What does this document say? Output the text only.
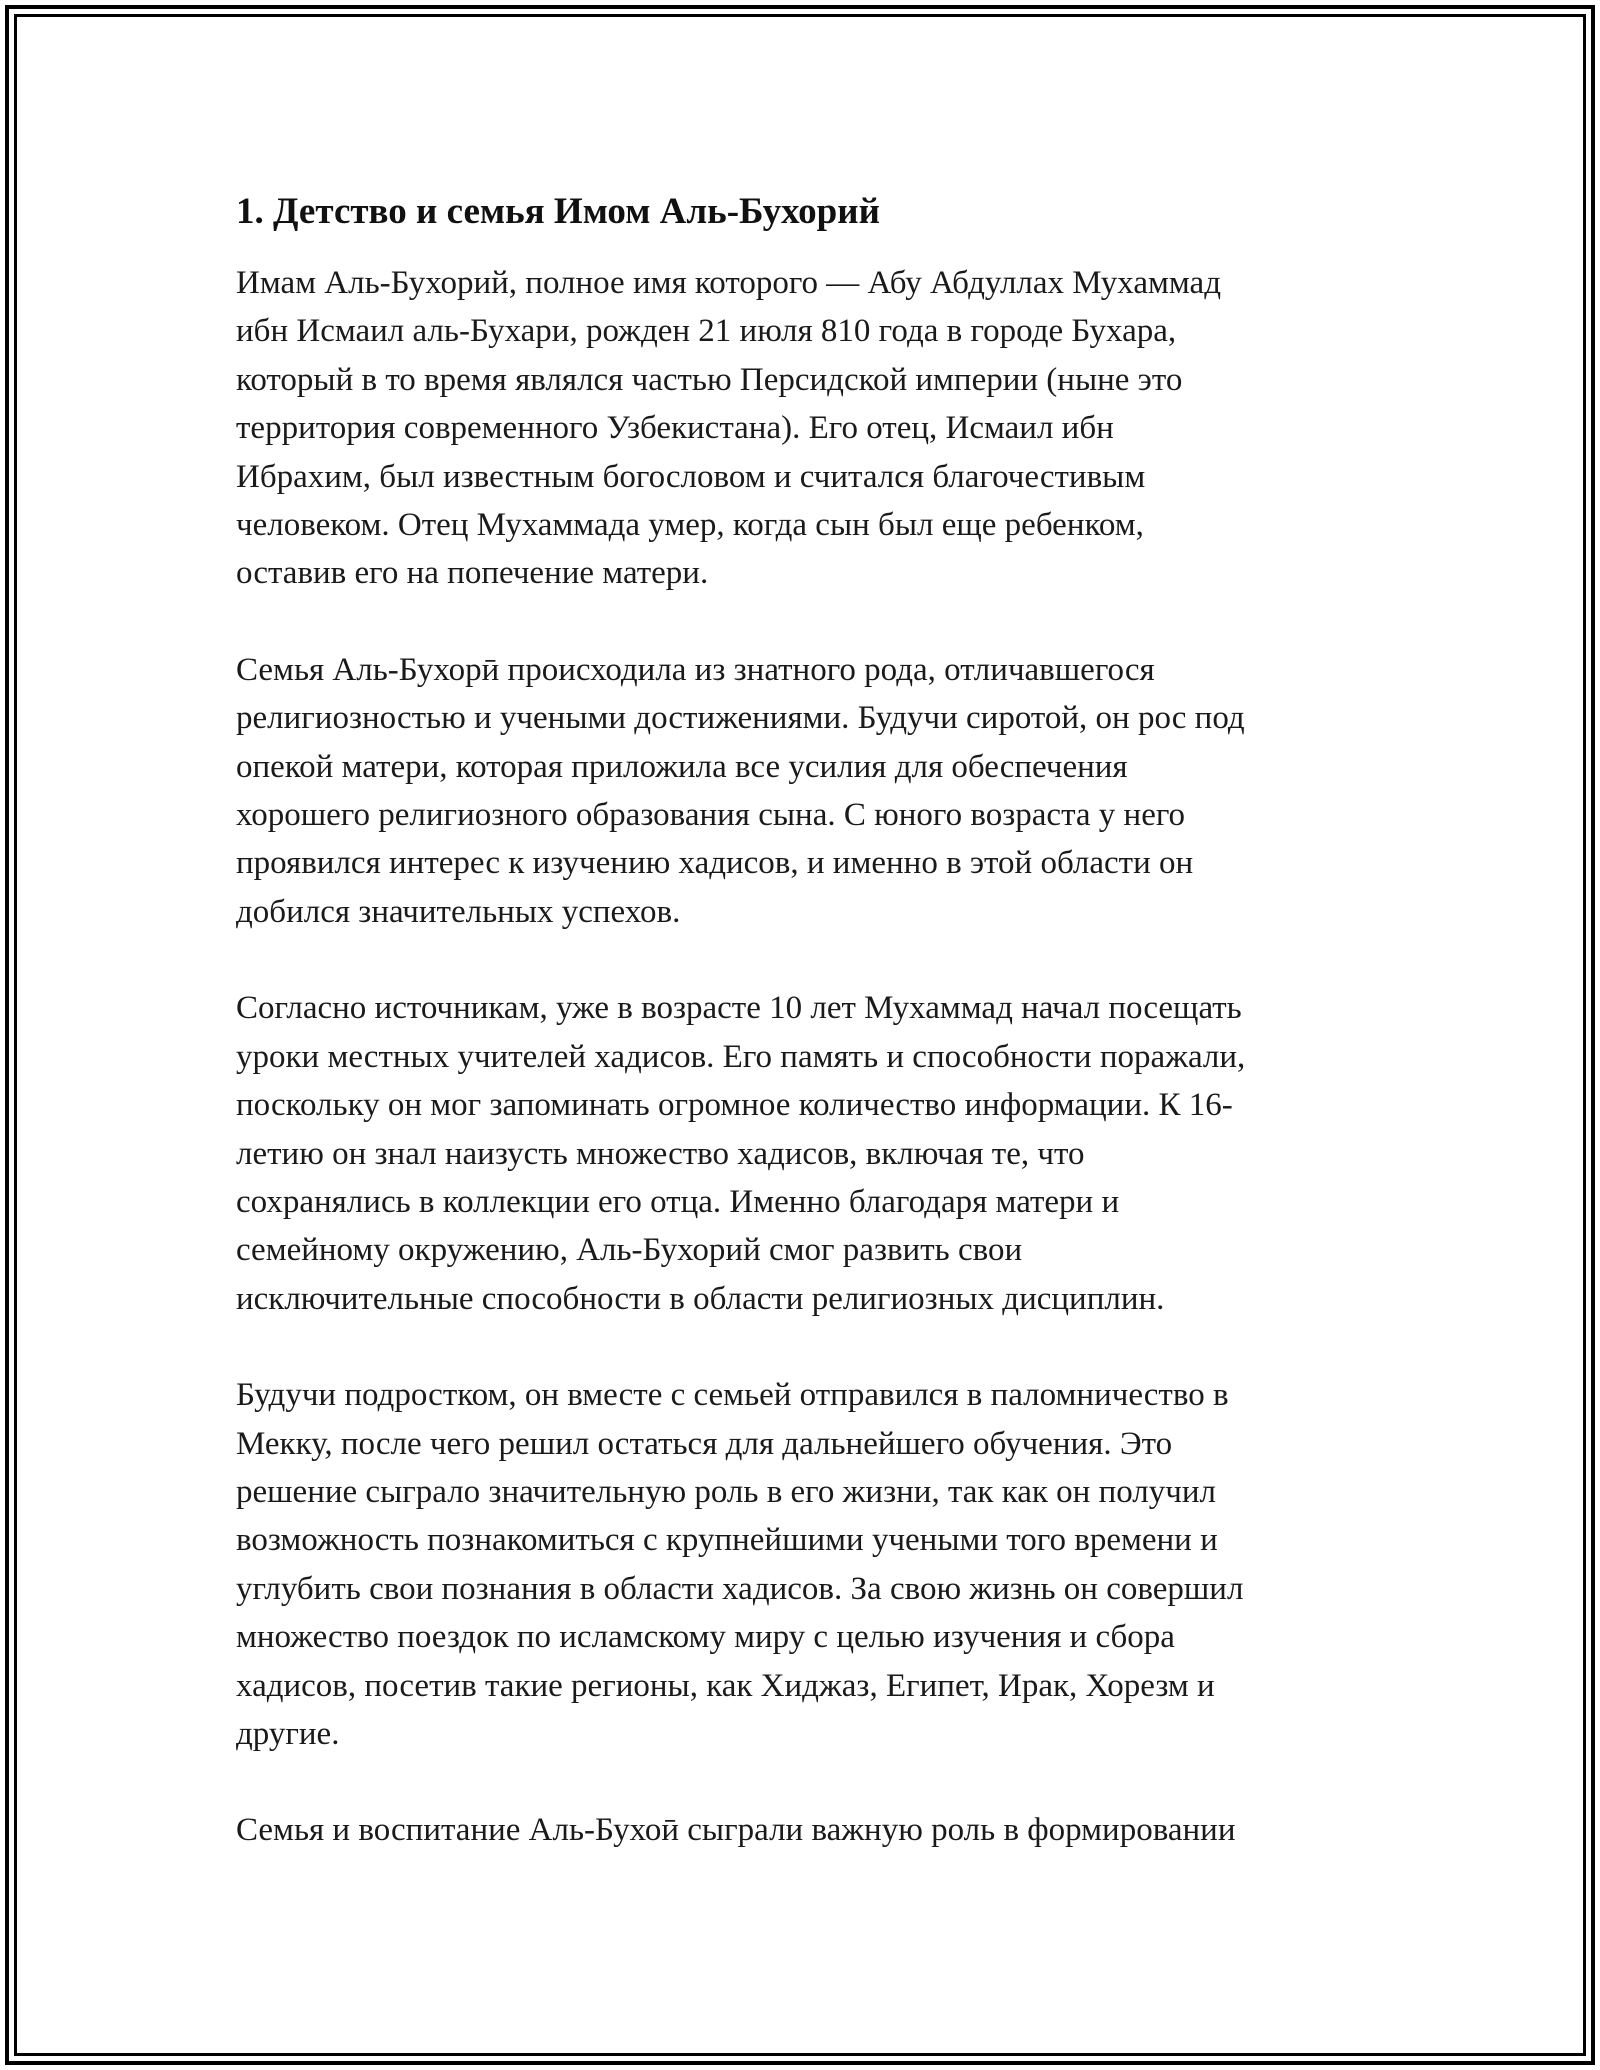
1. Детство и семья Имом Аль-Бухорий

Имам Аль-Бухорий, полное имя которого — Абу Абдуллах Мухаммад
ибн Исмаил аль-Бухари, рожден 21 июля 810 года в городе Бухара,
который в то время являлся частью Персидской империи (ныне это
территория современного Узбекистана). Его отец, Исмаил ибн
Ибрахим, был известным богословом и считался благочестивым
человеком. Отец Мухаммада умер, когда сын был еще ребенком,
оставив его на попечение матери.

Семья Аль-Бухорӣ происходила из знатного рода, отличавшегося
религиозностью и учеными достижениями. Будучи сиротой, он рос под
опекой матери, которая приложила все усилия для обеспечения
хорошего религиозного образования сына. С юного возраста у него
проявился интерес к изучению хадисов, и именно в этой области он
добился значительных успехов.

Согласно источникам, уже в возрасте 10 лет Мухаммад начал посещать
уроки местных учителей хадисов. Его память и способности поражали,
поскольку он мог запоминать огромное количество информации. К 16-
летию он знал наизусть множество хадисов, включая те, что
сохранялись в коллекции его отца. Именно благодаря матери и
семейному окружению, Аль-Бухорий смог развить свои
исключительные способности в области религиозных дисциплин.

Будучи подростком, он вместе с семьей отправился в паломничество в
Мекку, после чего решил остаться для дальнейшего обучения. Это
решение сыграло значительную роль в его жизни, так как он получил
возможность познакомиться с крупнейшими учеными того времени и
углубить свои познания в области хадисов. За свою жизнь он совершил
множество поездок по исламскому миру с целью изучения и сбора
хадисов, посетив такие регионы, как Хиджаз, Египет, Ирак, Хорезм и
другие.

Семья и воспитание Аль-Бухоӣ сыграли важную роль в формировании
